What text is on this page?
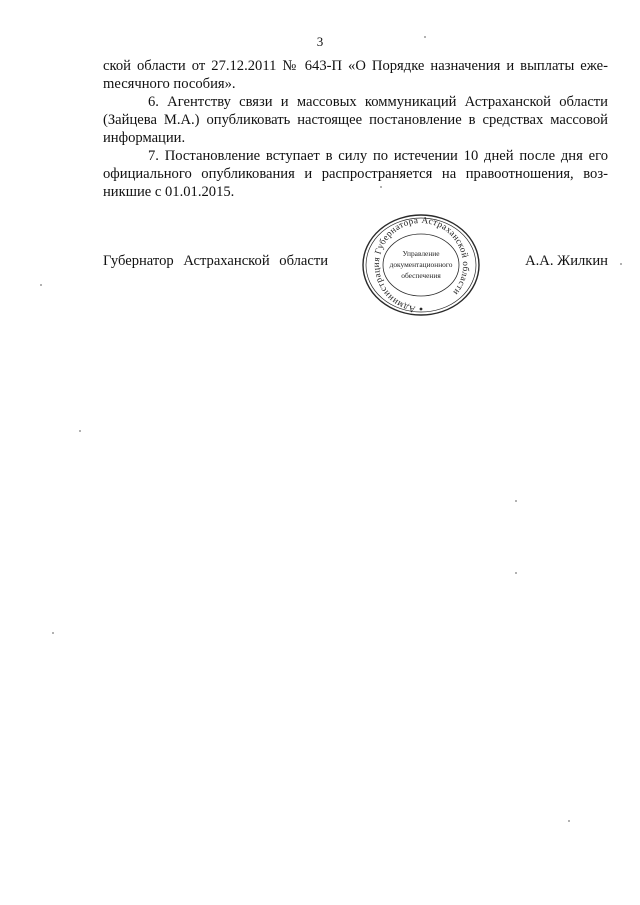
3

ской области от 27.12.2011 № 643-П «О Порядке назначения и выплаты ежеmесячного пособия».

6. Агентству связи и массовых коммуникаций Астраханской области (Зайцева М.А.) опубликовать настоящее постановление в средствах массовой информации.

7. Постановление вступает в силу по истечении 10 дней после дня его официального опубликования и распространяется на правоотношения, возникшие с 01.01.2015.

Губернатор Астраханской области	А.А. Жилкин
Администрация Губернатора Астраханской области
Управление
документационного
обеспечения
